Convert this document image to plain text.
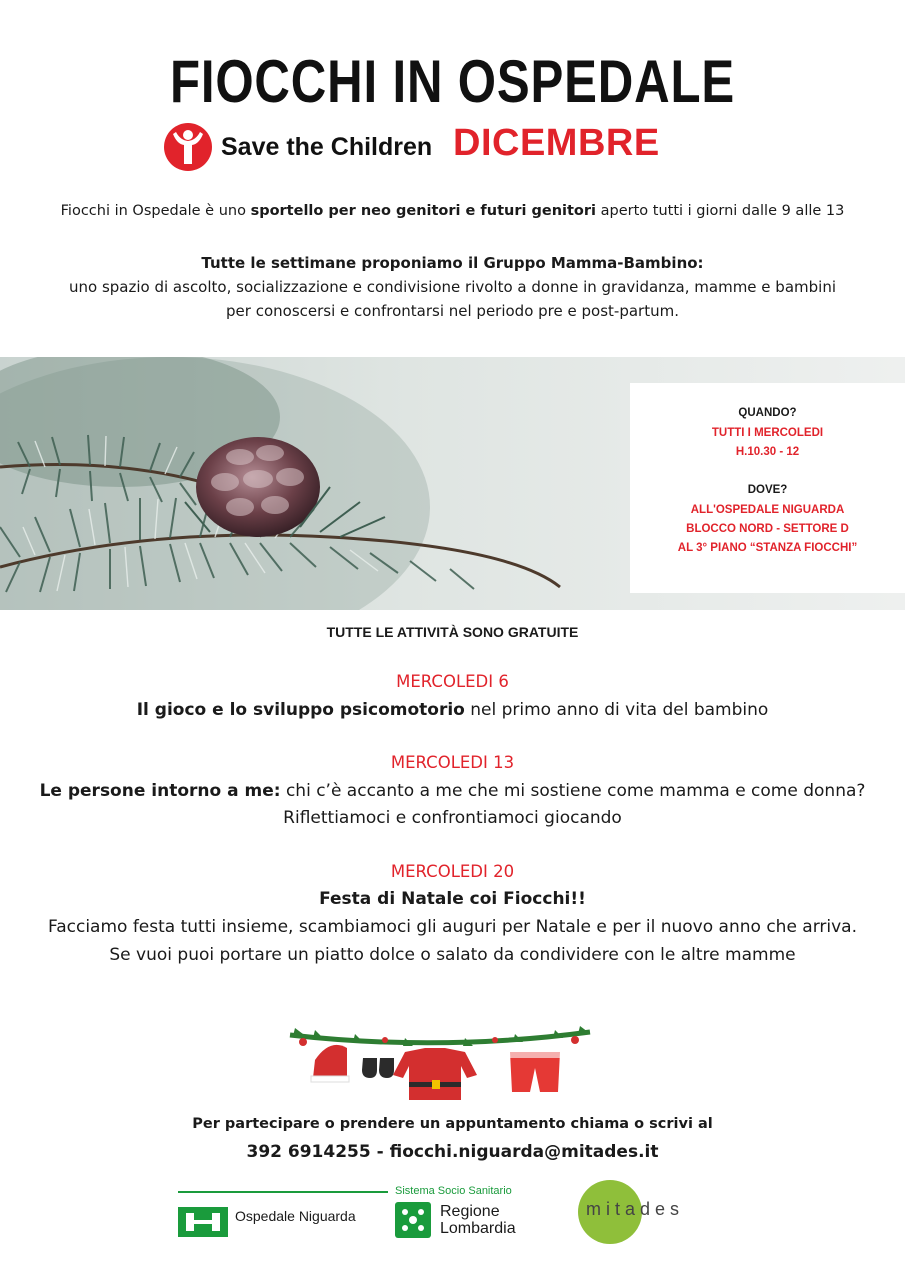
FIOCCHI IN OSPEDALE
Save the Children DICEMBRE
Fiocchi in Ospedale è uno sportello per neo genitori e futuri genitori aperto tutti i giorni dalle 9 alle 13
Tutte le settimane proponiamo il Gruppo Mamma-Bambino:
uno spazio di ascolto, socializzazione e condivisione rivolto a donne in gravidanza, mamme e bambini
per conoscersi e confrontarsi nel periodo pre e post-partum.
QUANDO?
TUTTI I MERCOLEDI
H.10.30 - 12
DOVE?
ALL'OSPEDALE NIGUARDA
BLOCCO NORD - SETTORE D
AL 3° PIANO “STANZA FIOCCHI”
TUTTE LE ATTIVITÀ SONO GRATUITE
MERCOLEDI 6
Il gioco e lo sviluppo psicomotorio nel primo anno di vita del bambino
MERCOLEDI 13
Le persone intorno a me: chi c’è accanto a me che mi sostiene come mamma e come donna?
Riflettiamoci e confrontiamoci giocando
MERCOLEDI 20
Festa di Natale coi Fiocchi!!
Facciamo festa tutti insieme, scambiamoci gli auguri per Natale e per il nuovo anno che arriva.
Se vuoi puoi portare un piatto dolce o salato da condividere con le altre mamme
Per partecipare o prendere un appuntamento chiama o scrivi al
392 6914255 - fiocchi.niguarda@mitades.it
Ospedale Niguarda
Sistema Socio Sanitario
Regione
Lombardia
mitades
